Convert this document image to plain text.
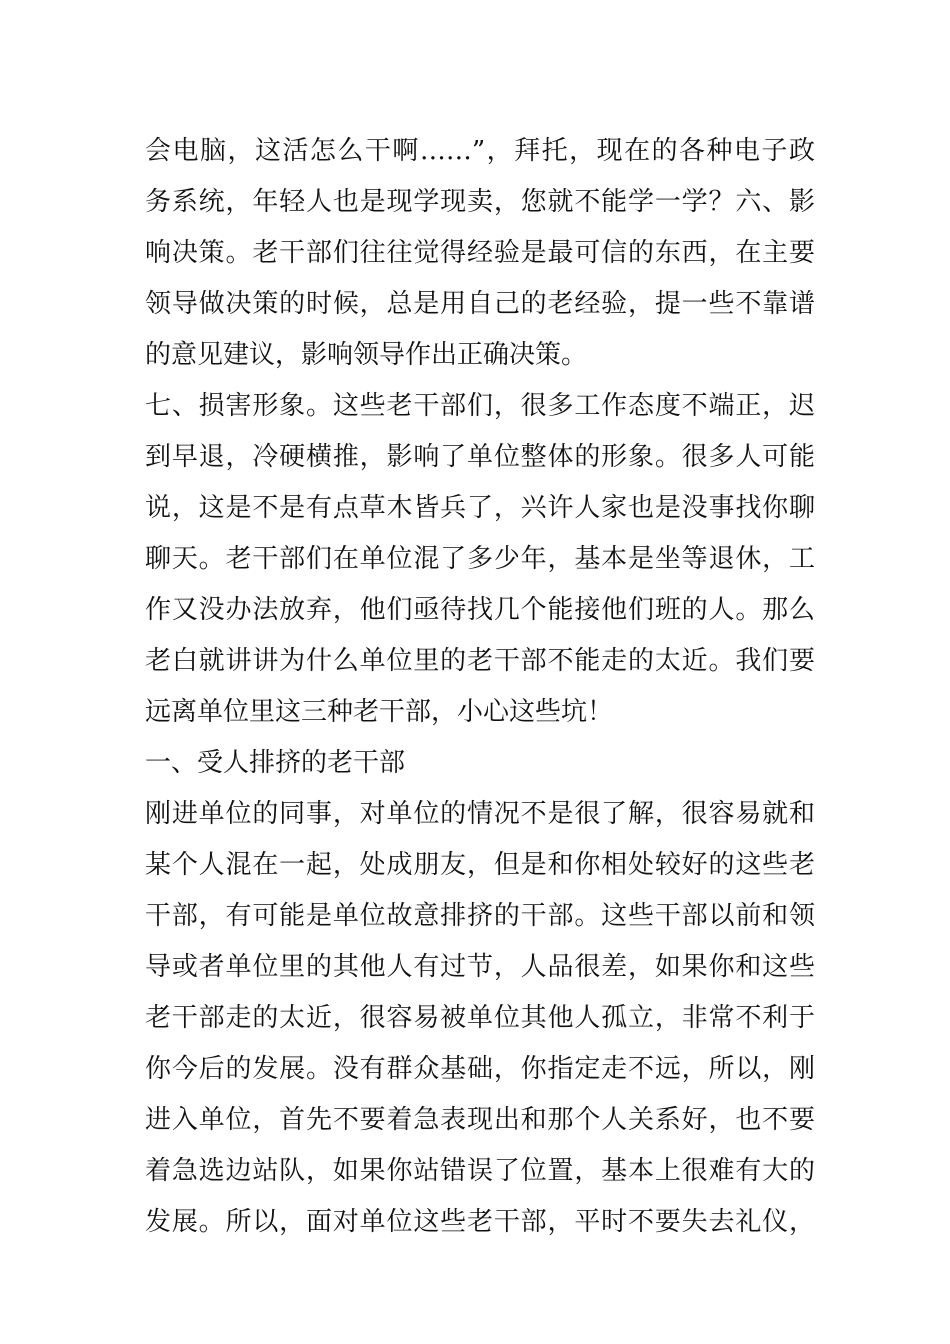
会电脑，这活怎么干啊……”，拜托，现在的各种电子政
务系统，年轻人也是现学现卖，您就不能学一学？六、影
响决策。老干部们往往觉得经验是最可信的东西，在主要
领导做决策的时候，总是用自己的老经验，提一些不靠谱
的意见建议，影响领导作出正确决策。
七、损害形象。这些老干部们，很多工作态度不端正，迟
到早退，冷硬横推，影响了单位整体的形象。很多人可能
说，这是不是有点草木皆兵了，兴许人家也是没事找你聊
聊天。老干部们在单位混了多少年，基本是坐等退休，工
作又没办法放弃，他们亟待找几个能接他们班的人。那么
老白就讲讲为什么单位里的老干部不能走的太近。我们要
远离单位里这三种老干部，小心这些坑！
一、受人排挤的老干部
刚进单位的同事，对单位的情况不是很了解，很容易就和
某个人混在一起，处成朋友，但是和你相处较好的这些老
干部，有可能是单位故意排挤的干部。这些干部以前和领
导或者单位里的其他人有过节，人品很差，如果你和这些
老干部走的太近，很容易被单位其他人孤立，非常不利于
你今后的发展。没有群众基础，你指定走不远，所以，刚
进入单位，首先不要着急表现出和那个人关系好，也不要
着急选边站队，如果你站错误了位置，基本上很难有大的
发展。所以，面对单位这些老干部，平时不要失去礼仪，
